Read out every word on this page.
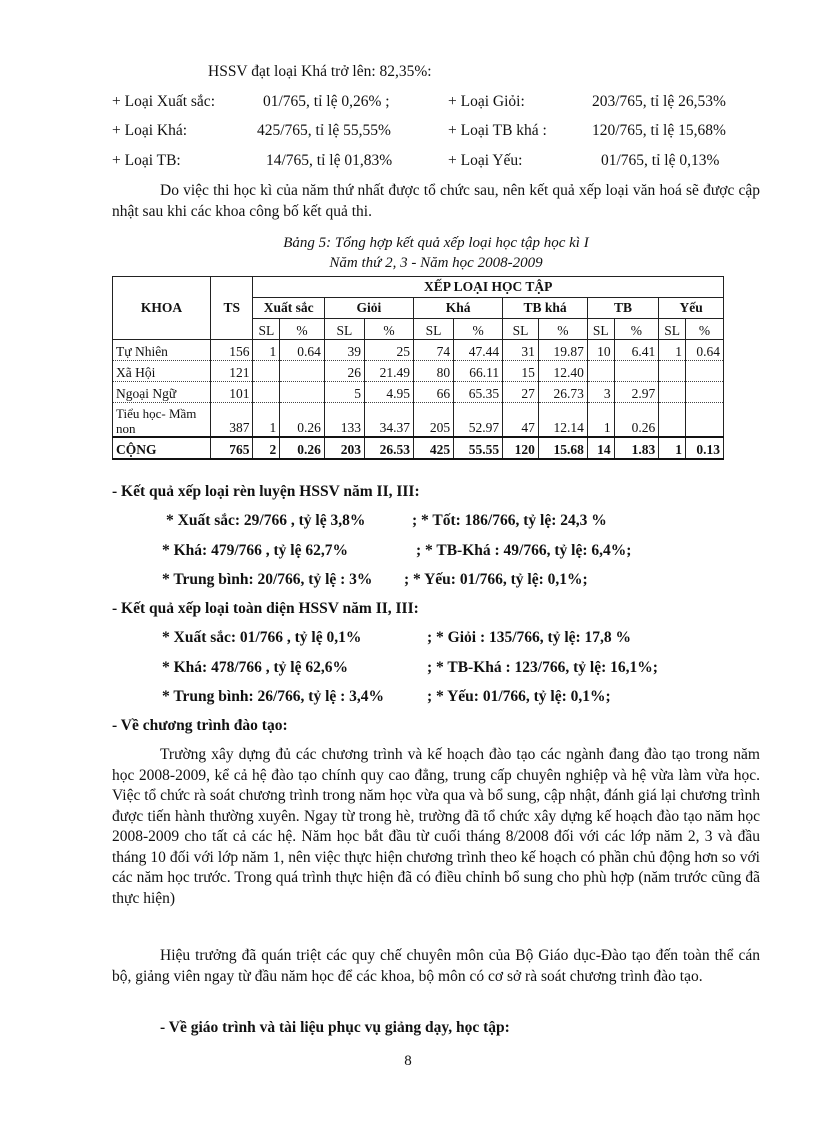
HSSV đạt loại Khá trở lên: 82,35%:
+ Loại Xuất sắc:	01/765, tỉ lệ 0,26% ;	+ Loại Giỏi:	203/765, tỉ lệ 26,53%
+ Loại Khá:	425/765, tỉ lệ 55,55%	+ Loại TB khá :	120/765, tỉ lệ 15,68%
+ Loại TB:	14/765, tỉ lệ 01,83%	+ Loại Yếu:	01/765, tỉ lệ 0,13%
Do việc thi học kì của năm thứ nhất được tổ chức sau, nên kết quả xếp loại văn hoá sẽ được cập nhật sau khi các khoa công bố kết quả thi.
Bảng 5: Tổng hợp kết quả xếp loại học tập học kì I
Năm thứ 2, 3 - Năm học 2008-2009
KHOA	TS	XẾP LOẠI HỌC TẬP											
		Xuất sắc		Giỏi		Khá		TB khá		TB		Yếu	
		SL	%	SL	%	SL	%	SL	%	SL	%	SL	%
Tự Nhiên	156	1	0.64	39	25	74	47.44	31	19.87	10	6.41	1	0.64
Xã Hội	121			26	21.49	80	66.11	15	12.40				
Ngoại Ngữ	101			5	4.95	66	65.35	27	26.73	3	2.97		
Tiểu học- Mầm non	387	1	0.26	133	34.37	205	52.97	47	12.14	1	0.26		
CỘNG	765	2	0.26	203	26.53	425	55.55	120	15.68	14	1.83	1	0.13
- Kết quả xếp loại rèn luyện HSSV năm II, III:
* Xuất sắc: 29/766 , tỷ lệ 3,8%	; * Tốt: 186/766, tỷ lệ: 24,3 %
* Khá: 479/766 , tỷ lệ 62,7%	; * TB-Khá : 49/766, tỷ lệ: 6,4%;
* Trung bình: 20/766, tỷ lệ : 3% ; * Yếu: 01/766, tỷ lệ: 0,1%;
- Kết quả xếp loại toàn diện HSSV năm II, III:
* Xuất sắc: 01/766 , tỷ lệ 0,1%	; * Giỏi : 135/766, tỷ lệ: 17,8 %
* Khá: 478/766 , tỷ lệ 62,6%	; * TB-Khá : 123/766, tỷ lệ: 16,1%;
* Trung bình: 26/766, tỷ lệ : 3,4%	; * Yếu: 01/766, tỷ lệ: 0,1%;
- Về chương trình đào tạo:
Trường xây dựng đủ các chương trình và kế hoạch đào tạo các ngành đang đào tạo trong năm học 2008-2009, kể cả hệ đào tạo chính quy cao đẳng, trung cấp chuyên nghiệp và hệ vừa làm vừa học. Việc tổ chức rà soát chương trình trong năm học vừa qua và bổ sung, cập nhật, đánh giá lại chương trình được tiến hành thường xuyên. Ngay từ trong hè, trường đã tổ chức xây dựng kế hoạch đào tạo năm học 2008-2009 cho tất cả các hệ. Năm học bắt đầu từ cuối tháng 8/2008 đối với các lớp năm 2, 3 và đầu tháng 10 đối với lớp năm 1, nên việc thực hiện chương trình theo kế hoạch có phần chủ động hơn so với các năm học trước. Trong quá trình thực hiện đã có điều chỉnh bổ sung cho phù hợp (năm trước cũng đã thực hiện)
Hiệu trưởng đã quán triệt các quy chế chuyên môn của Bộ Giáo dục-Đào tạo đến toàn thể cán bộ, giảng viên ngay từ đầu năm học để các khoa, bộ môn có cơ sở rà soát chương trình đào tạo.
- Về giáo trình và tài liệu phục vụ giảng dạy, học tập:
8
